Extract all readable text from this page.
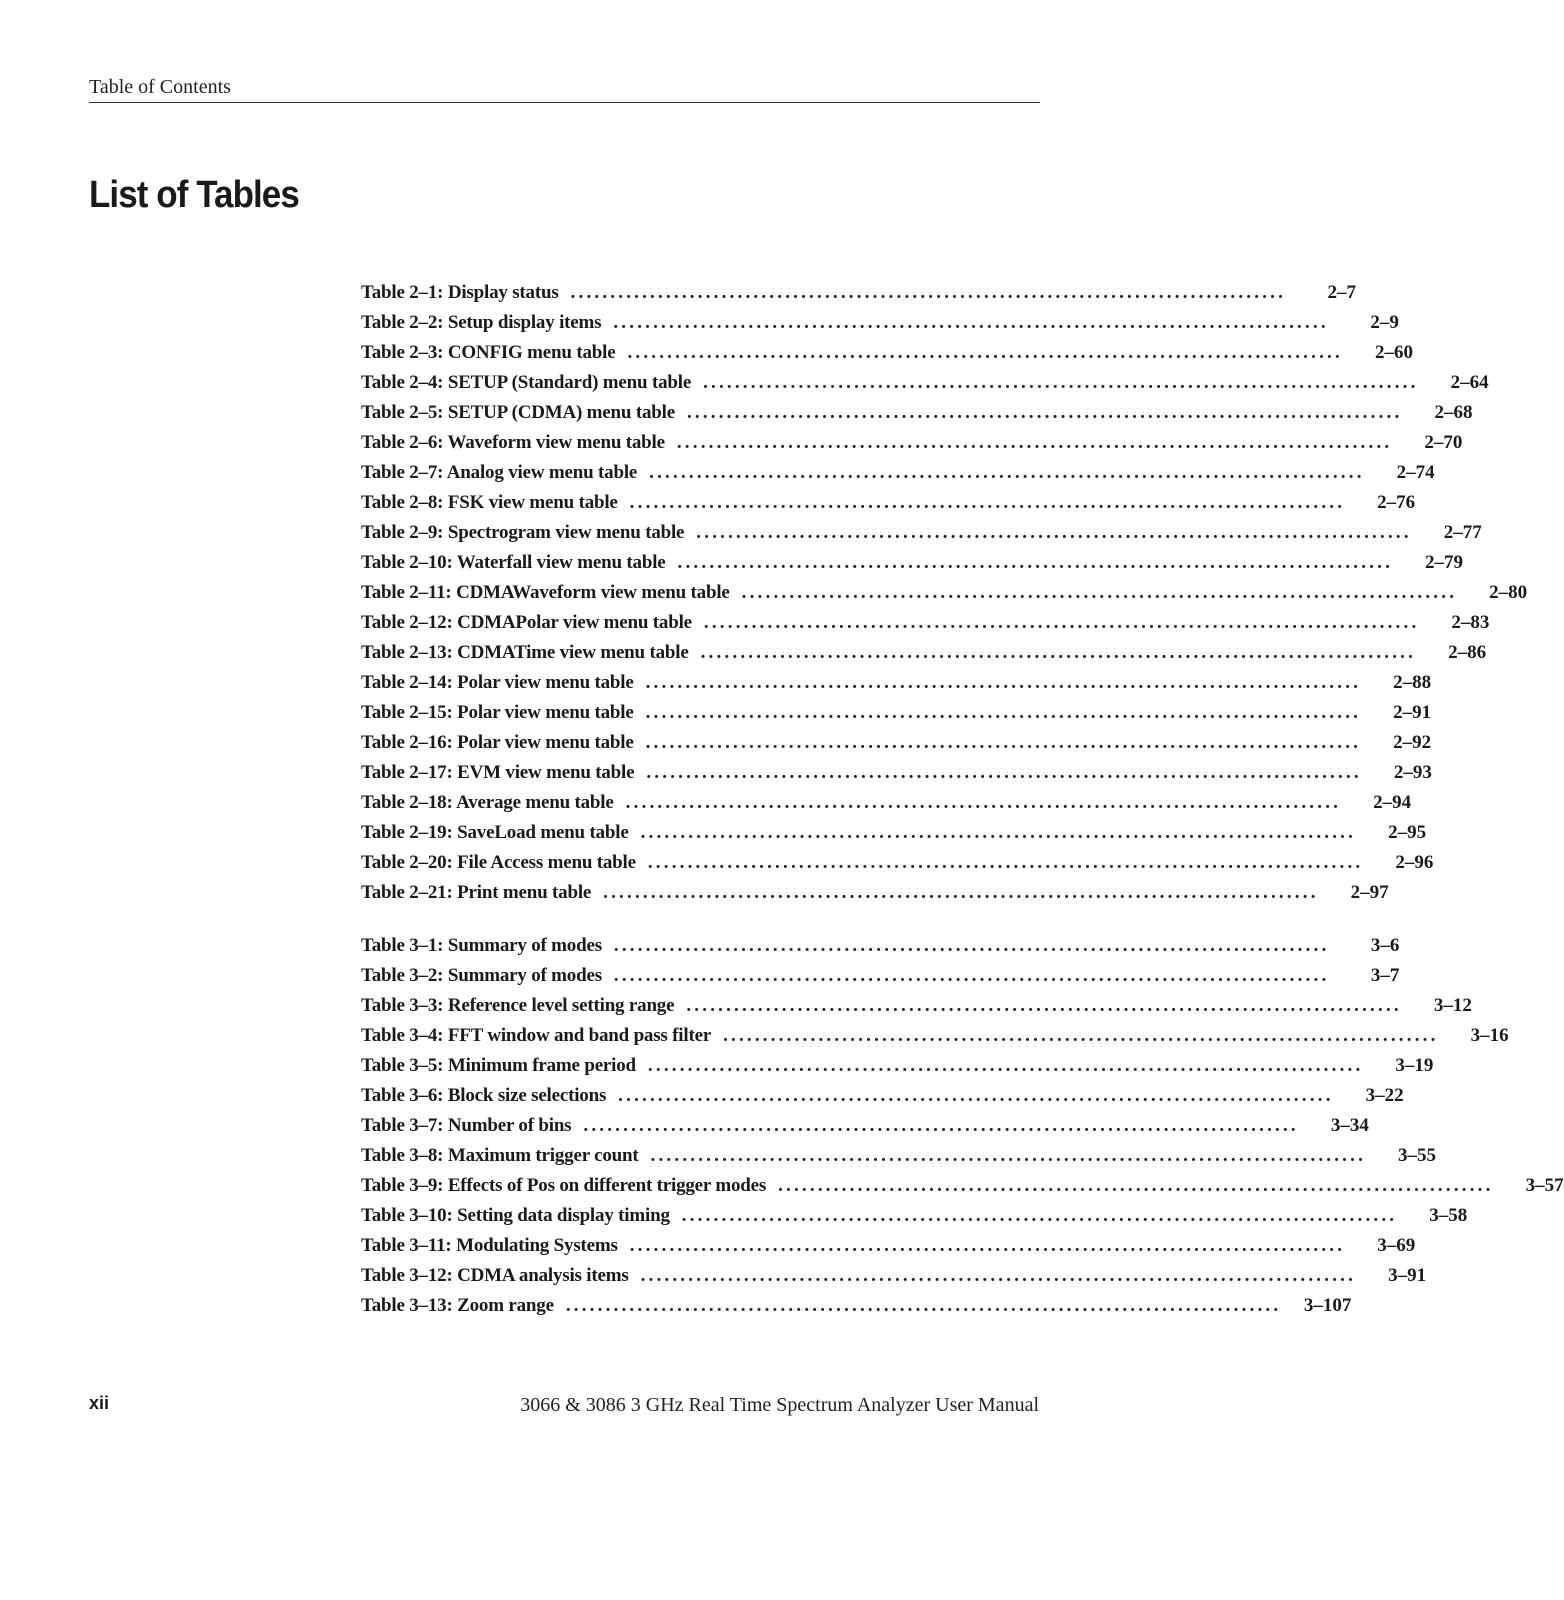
Table of Contents
List of Tables
Table 2–1: Display status ..........................................................................................	2–7
Table 2–2: Setup display items ..........................................................................................	2–9
Table 2–3: CONFIG menu table ..........................................................................................	2–60
Table 2–4: SETUP (Standard) menu table ..........................................................................................	2–64
Table 2–5: SETUP (CDMA) menu table ..........................................................................................	2–68
Table 2–6: Waveform view menu table ..........................................................................................	2–70
Table 2–7: Analog view menu table ..........................................................................................	2–74
Table 2–8: FSK view menu table ..........................................................................................	2–76
Table 2–9: Spectrogram view menu table ..........................................................................................	2–77
Table 2–10: Waterfall view menu table ..........................................................................................	2–79
Table 2–11: CDMAWaveform view menu table ..........................................................................................	2–80
Table 2–12: CDMAPolar view menu table ..........................................................................................	2–83
Table 2–13: CDMATime view menu table ..........................................................................................	2–86
Table 2–14: Polar view menu table ..........................................................................................	2–88
Table 2–15: Polar view menu table ..........................................................................................	2–91
Table 2–16: Polar view menu table ..........................................................................................	2–92
Table 2–17: EVM view menu table ..........................................................................................	2–93
Table 2–18: Average menu table ..........................................................................................	2–94
Table 2–19: SaveLoad menu table ..........................................................................................	2–95
Table 2–20: File Access menu table ..........................................................................................	2–96
Table 2–21: Print menu table ..........................................................................................	2–97
Table 3–1: Summary of modes ..........................................................................................	3–6
Table 3–2: Summary of modes ..........................................................................................	3–7
Table 3–3: Reference level setting range ..........................................................................................	3–12
Table 3–4: FFT window and band pass filter ..........................................................................................	3–16
Table 3–5: Minimum frame period ..........................................................................................	3–19
Table 3–6: Block size selections ..........................................................................................	3–22
Table 3–7: Number of bins ..........................................................................................	3–34
Table 3–8: Maximum trigger count ..........................................................................................	3–55
Table 3–9: Effects of Pos on different trigger modes ..........................................................................................	3–57
Table 3–10: Setting data display timing ..........................................................................................	3–58
Table 3–11: Modulating Systems ..........................................................................................	3–69
Table 3–12: CDMA analysis items ..........................................................................................	3–91
Table 3–13: Zoom range ..........................................................................................	3–107
xii	3066 & 3086 3 GHz Real Time Spectrum Analyzer User Manual
